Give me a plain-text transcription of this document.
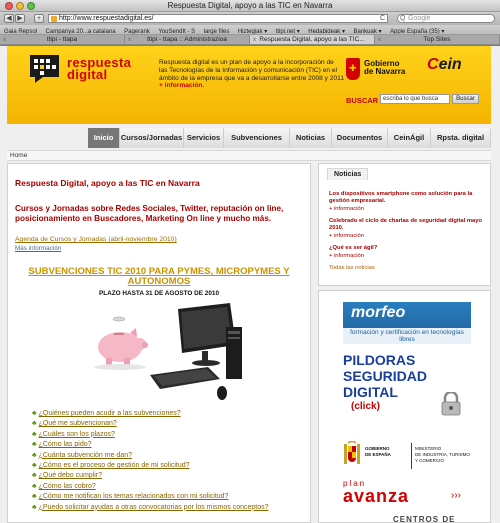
Respuesta Digital, apoyo a las TIC en Navarra
◀ ▶	+	http://www.respuestadigital.es/	C Q Google
Gaia Repsol Campanya 20...a catalana Pagerank YouSendIt - S large files Hiztegiak ▾ ttipi.net ▾ Hedabideak ▾ Bankuak ▾ Apple España (35) ▾
x	ttipi - ttapa	x ttipi - ttapa :: Administrazioa	x Respuesta Digital, apoyo a las TIC...	x	Top Sites
respuesta
digital
Respuesta digital es un plan de apoyo a la incorporación de las Tecnologías de la Información y comunicación (TIC) en el ámbito de la empresa que va a desarrollarse entre 2008 y 2011 + información.
✚ Gobierno
de Navarra Cein
BUSCAR escriba lo que busca	Buscar
Inicio	Cursos/Jornadas Servicios	Subvenciones	Noticias	Documentos	CeinÁgil	Rpsta. digital
Home
Respuesta Digital, apoyo a las TIC en Navarra
Cursos y Jornadas sobre Redes Sociales, Twitter, reputación on line, posicionamiento en Buscadores, Marketing On line y mucho más.
Agenda de Cursos y Jornadas (abril-noviembre 2010)
Más información
SUBVENCIONES TIC 2010 PARA PYMES, MICROPYMES Y AUTONOMOS
PLAZO HASTA 31 DE AGOSTO DE 2010
♣ ¿Quiénes pueden acudir a las subvenciones?
♣ ¿Qué me subvencionan?
♣ ¿Cuáles son los plazos?
♣ ¿Cómo las pido?
♣ ¿Cuánta subvención me dan?
♣ ¿Cómo es el proceso de gestión de mi solicitud?
♣ ¿Qué debo cumplir?
♣ ¿Cómo las cobro?
♣ ¿Cómo me notifican los temas relacionados con mi solicitud?
♣ ¿Puedo solicitar ayudas a otras convocatorias por los mismos conceptos?
Noticias
Los dispositivos smartphone como solución para la gestión empresarial.
+ información
Celebrado el ciclo de charlas de seguridad digital mayo 2010.
+ información
¿Qué es ser ágil?
+ información
Todas las noticias
morfeo
formación y certificación en tecnologías libres
PILDORAS
SEGURIDAD
DIGITAL
(click)
GOBIERNO
DE ESPAÑA
MINISTERIO
DE INDUSTRIA, TURISMO
Y COMERCIO
plan
avanza	›››
CENTROS DE
